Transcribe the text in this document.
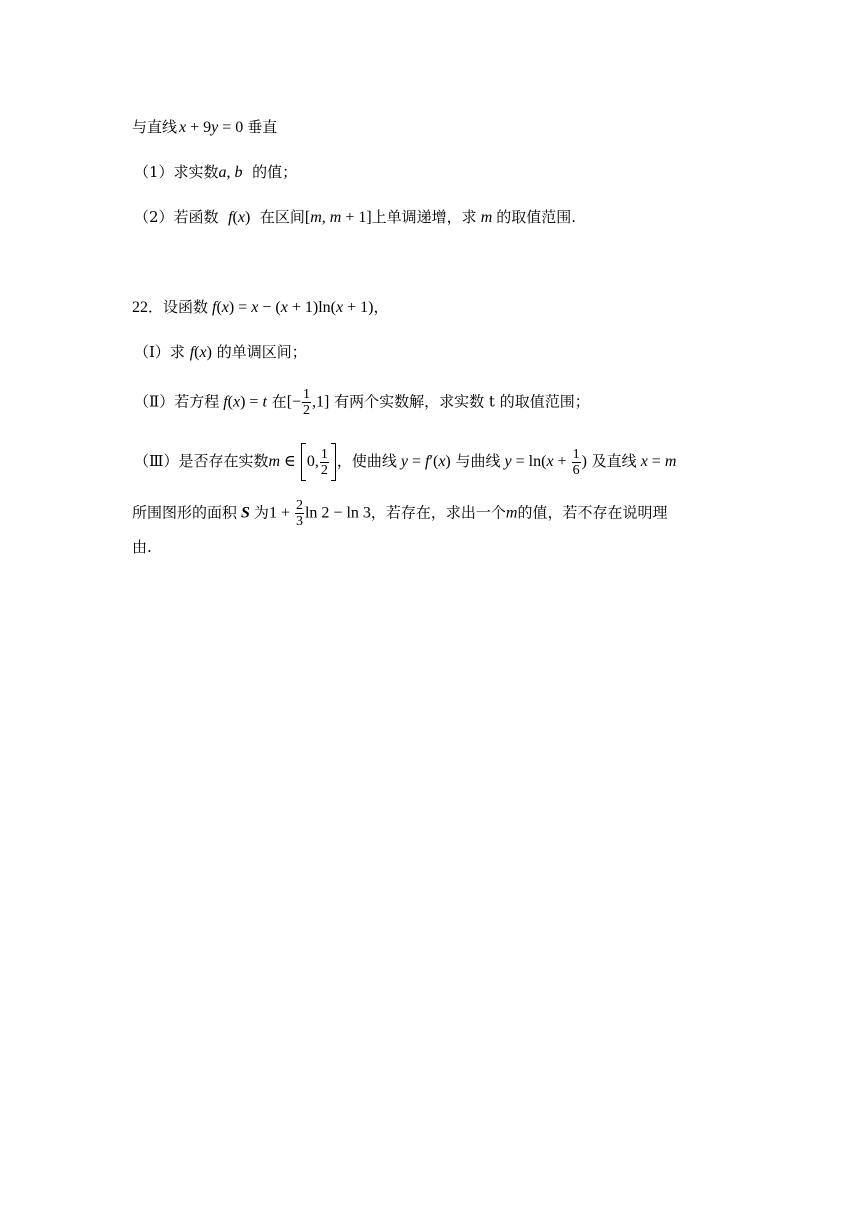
与直线 x + 9y = 0 垂直
（1）求实数a, b  的值；
（2）若函数  f(x)  在区间[m, m + 1]上单调递增，求 m 的取值范围.
22．设函数 f(x) = x − (x + 1)ln(x + 1)，
（Ⅰ）求 f(x) 的单调区间；
（Ⅱ）若方程 f(x) = t 在[− $\frac{1}{2} ,1$] 有两个实数解，求实数 t 的取值范围；
（Ⅲ）是否存在实数m ∈ 0, $\frac{1}{2}$ ，使曲线 y = f′(x) 与曲线 $y = \ln(x + \frac{1}{6}$ ) 及直线 x = m
所围图形的面积 S 为$1 + \frac{2}{3}$ ln 2 − ln 3，若存在，求出一个m的值，若不存在说明理
由.
